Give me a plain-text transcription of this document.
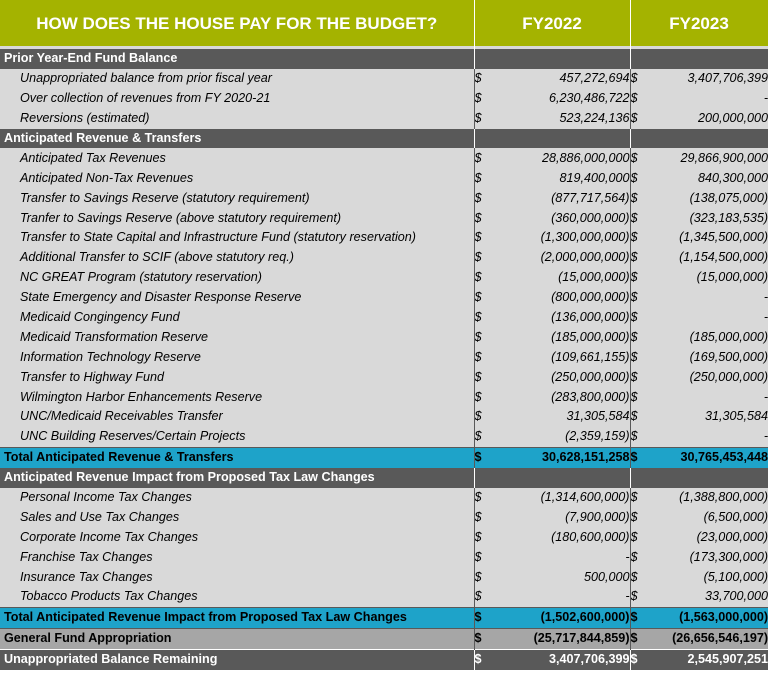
HOW DOES THE HOUSE PAY FOR THE BUDGET?	FY2022		FY2023	

Prior Year-End Fund Balance				
Unappropriated balance from prior fiscal year	$	457,272,694	$	3,407,706,399
Over collection of revenues from FY 2020-21	$	6,230,486,722	$	-
Reversions (estimated)	$	523,224,136	$	200,000,000
Anticipated Revenue & Transfers				
Anticipated Tax Revenues	$	28,886,000,000	$	29,866,900,000
Anticipated Non-Tax Revenues	$	819,400,000	$	840,300,000
Transfer to Savings Reserve (statutory requirement)	$	(877,717,564)	$	(138,075,000)
Tranfer to Savings Reserve (above statutory requirement)	$	(360,000,000)	$	(323,183,535)
Transfer to State Capital and Infrastructure Fund (statutory reservation)	$	(1,300,000,000)	$	(1,345,500,000)
Additional Transfer to SCIF (above statutory req.)	$	(2,000,000,000)	$	(1,154,500,000)
NC GREAT Program (statutory reservation)	$	(15,000,000)	$	(15,000,000)
State Emergency and Disaster Response Reserve	$	(800,000,000)	$	-
Medicaid Congingency Fund	$	(136,000,000)	$	-
Medicaid Transformation Reserve	$	(185,000,000)	$	(185,000,000)
Information Technology Reserve	$	(109,661,155)	$	(169,500,000)
Transfer to Highway Fund	$	(250,000,000)	$	(250,000,000)
Wilmington Harbor Enhancements Reserve	$	(283,800,000)	$	-
UNC/Medicaid Receivables Transfer	$	31,305,584	$	31,305,584
UNC Building Reserves/Certain Projects	$	(2,359,159)	$	-
Total Anticipated Revenue & Transfers	$	30,628,151,258	$	30,765,453,448
Anticipated Revenue Impact from Proposed Tax Law Changes				
Personal Income Tax Changes	$	(1,314,600,000)	$	(1,388,800,000)
Sales and Use Tax Changes	$	(7,900,000)	$	(6,500,000)
Corporate Income Tax Changes	$	(180,600,000)	$	(23,000,000)
Franchise Tax Changes	$	-	$	(173,300,000)
Insurance Tax Changes	$	500,000	$	(5,100,000)
Tobacco Products Tax Changes	$	-	$	33,700,000
Total Anticipated Revenue Impact from Proposed Tax Law Changes	$	(1,502,600,000)	$	(1,563,000,000)
General Fund Appropriation	$	(25,717,844,859)	$	(26,656,546,197)
Unappropriated Balance Remaining	$	3,407,706,399	$	2,545,907,251
